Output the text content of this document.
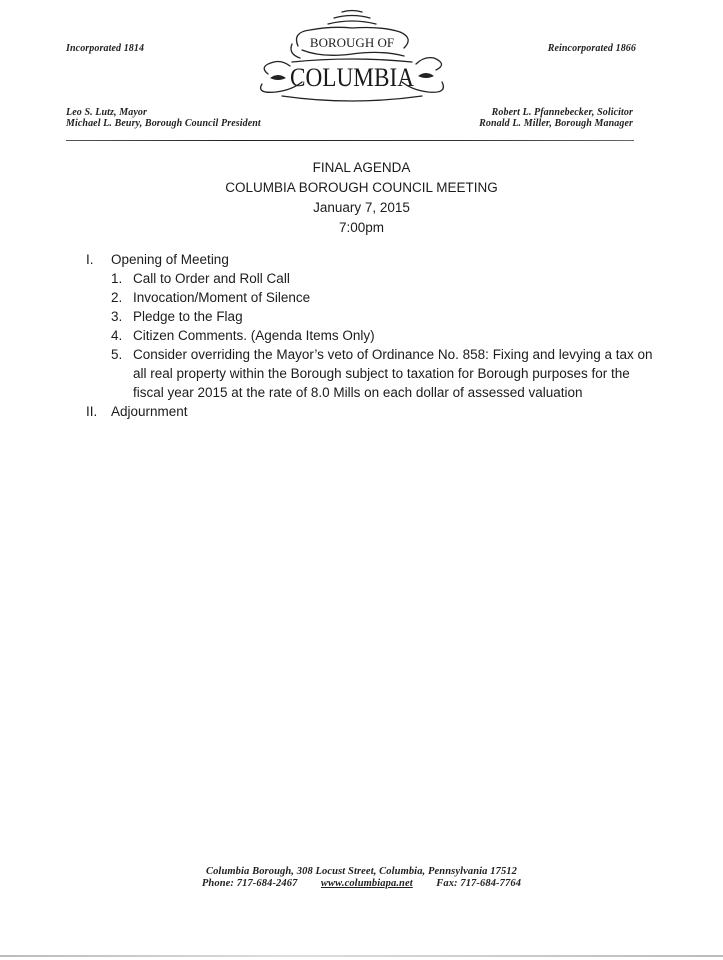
Incorporated 1814	Reincorporated 1866
BOROUGH OF
COLUMBIA
Leo S. Lutz, Mayor
Michael L. Beury, Borough Council President
Robert L. Pfannebecker, Solicitor
Ronald L. Miller, Borough Manager
FINAL AGENDA
COLUMBIA BOROUGH COUNCIL MEETING
January 7, 2015
7:00pm
I. Opening of Meeting
1. Call to Order and Roll Call
2. Invocation/Moment of Silence
3. Pledge to the Flag
4. Citizen Comments. (Agenda Items Only)
5. Consider overriding the Mayor’s veto of Ordinance No. 858: Fixing and levying a tax on all real property within the Borough subject to taxation for Borough purposes for the fiscal year 2015 at the rate of 8.0 Mills on each dollar of assessed valuation
II. Adjournment
Columbia Borough, 308 Locust Street, Columbia, Pennsylvania 17512
Phone: 717-684-2467 www.columbiapa.net Fax: 717-684-7764
